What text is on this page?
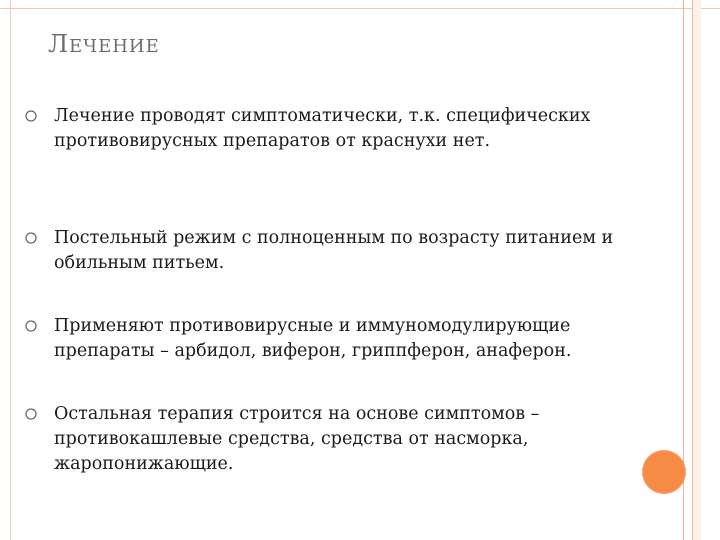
ЛЕЧЕНИЕ
Лечение проводят симптоматически, т.к. специфических противовирусных препаратов от краснухи нет.
Постельный режим с полноценным по возрасту питанием и обильным питьем.
Применяют противовирусные и иммуномодулирующие препараты – арбидол, виферон, гриппферон, анаферон.
Остальная терапия строится на основе симптомов – противокашлевые средства, средства от насморка, жаропонижающие.
